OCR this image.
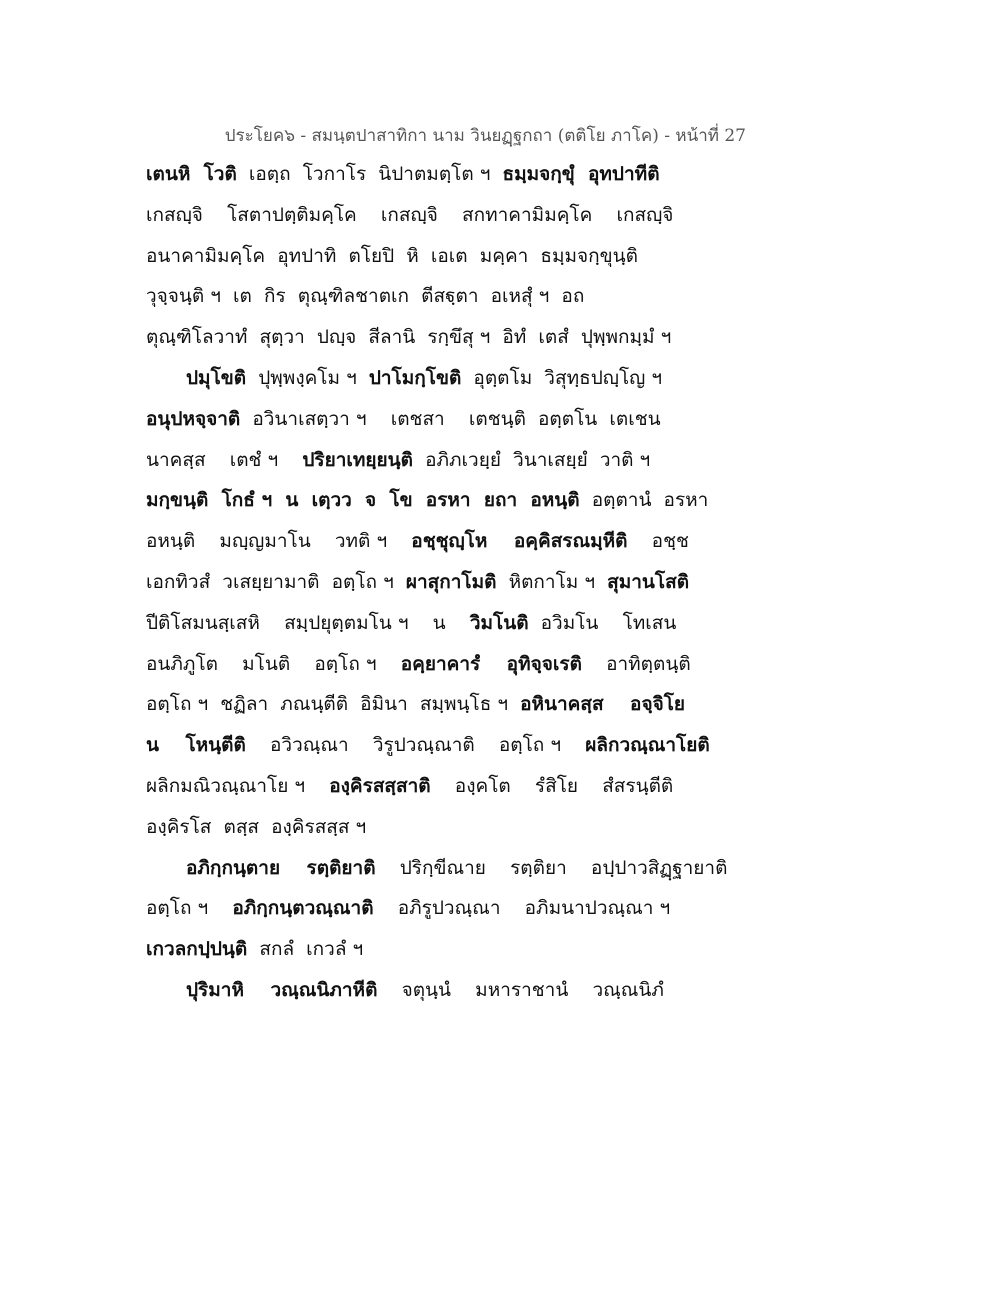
ประโยค๖ - สมนฺตปาสาทิกา นาม วินยฏฺฐกถา (ตติโย ภาโค) - หน้าที่ 27
เตนหิ  โวติ  เอตฺถ  โวกาโร  นิปาตมตฺโต ฯ  ธมฺมจกฺขุํ  อุทปาทีติ
เกสญฺจิ    โสตาปตฺติมคฺโค    เกสญฺจิ    สกทาคามิมคฺโค    เกสญฺจิ
อนาคามิมคฺโค  อุทปาทิ  ตโยปิ  หิ  เอเต  มคฺคา  ธมฺมจกฺขุนฺติ
วุจฺจนฺติ ฯ  เต  กิร  ตุณฺฑิลชาตเก  ตีสฐฺตา  อเหสุํ ฯ  อถ
ตุณฺฑิโลวาทํ  สุตฺวา  ปญฺจ  สีลานิ  รกฺขึสุ ฯ  อิทํ  เตสํ  ปุพฺพกมฺมํ ฯ
ปมุโขติ  ปุพฺพงฺคโม ฯ  ปาโมกฺโขติ  อุตฺตโม  วิสุทฺธปญฺโญ ฯ
อนุปหจฺจาติ  อวินาเสตฺวา ฯ    เตชสา    เตชนฺติ  อตฺตโน  เตเชน
นาคสฺส    เตชํ ฯ    ปริยาเทยฺยนฺติ  อภิภเวยฺยํ  วินาเสยฺยํ  วาติ ฯ
มกฺขนฺติ  โกธํ ฯ  น  เตฺวว  จ  โข  อรหา  ยถา  อหนฺติ  อตฺตานํ  อรหา
อหนฺติ    มญฺญมาโน    วทติ ฯ    อชฺชุญฺโห    อคฺคิสรณมฺหีติ    อชฺช
เอกทิวสํ  วเสยฺยามาติ  อตฺโถ ฯ  ผาสุกาโมติ  หิตกาโม ฯ  สุมานโสติ
ปีติโสมนสฺเสหิ    สมฺปยุตฺตมโน ฯ    น    วิมโนติ  อวิมโน    โทเสน
อนภิภูโต    มโนติ    อตฺโถ ฯ    อคฺยาคารํ    อุทิจฺจเรติ    อาทิตฺตนฺติ
อตฺโถ ฯ  ชฏิลา  ภณนฺตีติ  อิมินา  สมฺพนฺโธ ฯ  อหินาคสฺส    อจฺจิโย
น    โหนฺตีติ    อวิวณฺณา    วิรูปวณฺณาติ    อตฺโถ ฯ    ผลิกวณฺณาโยติ
ผลิกมณิวณฺณาโย ฯ    องฺคิรสสฺสาติ    องฺคโต    รํสิโย    สํสรนฺตีติ
องฺคิรโส  ตสฺส  องฺคิรสสฺส ฯ
อภิกฺกนฺตาย    รตฺติยาติ    ปริกฺขีณาย    รตฺติยา    อปฺปาวสิฏฺฐายาติ
อตฺโถ ฯ    อภิกฺกนฺตวณฺณาติ    อภิรูปวณฺณา    อภิมนาปวณฺณา ฯ
เกวลกปฺปนฺติ  สกลํ  เกวลํ ฯ
ปุริมาหิ    วณฺณนิภาหีติ    จตุนฺนํ    มหาราชานํ    วณฺณนิภํ
